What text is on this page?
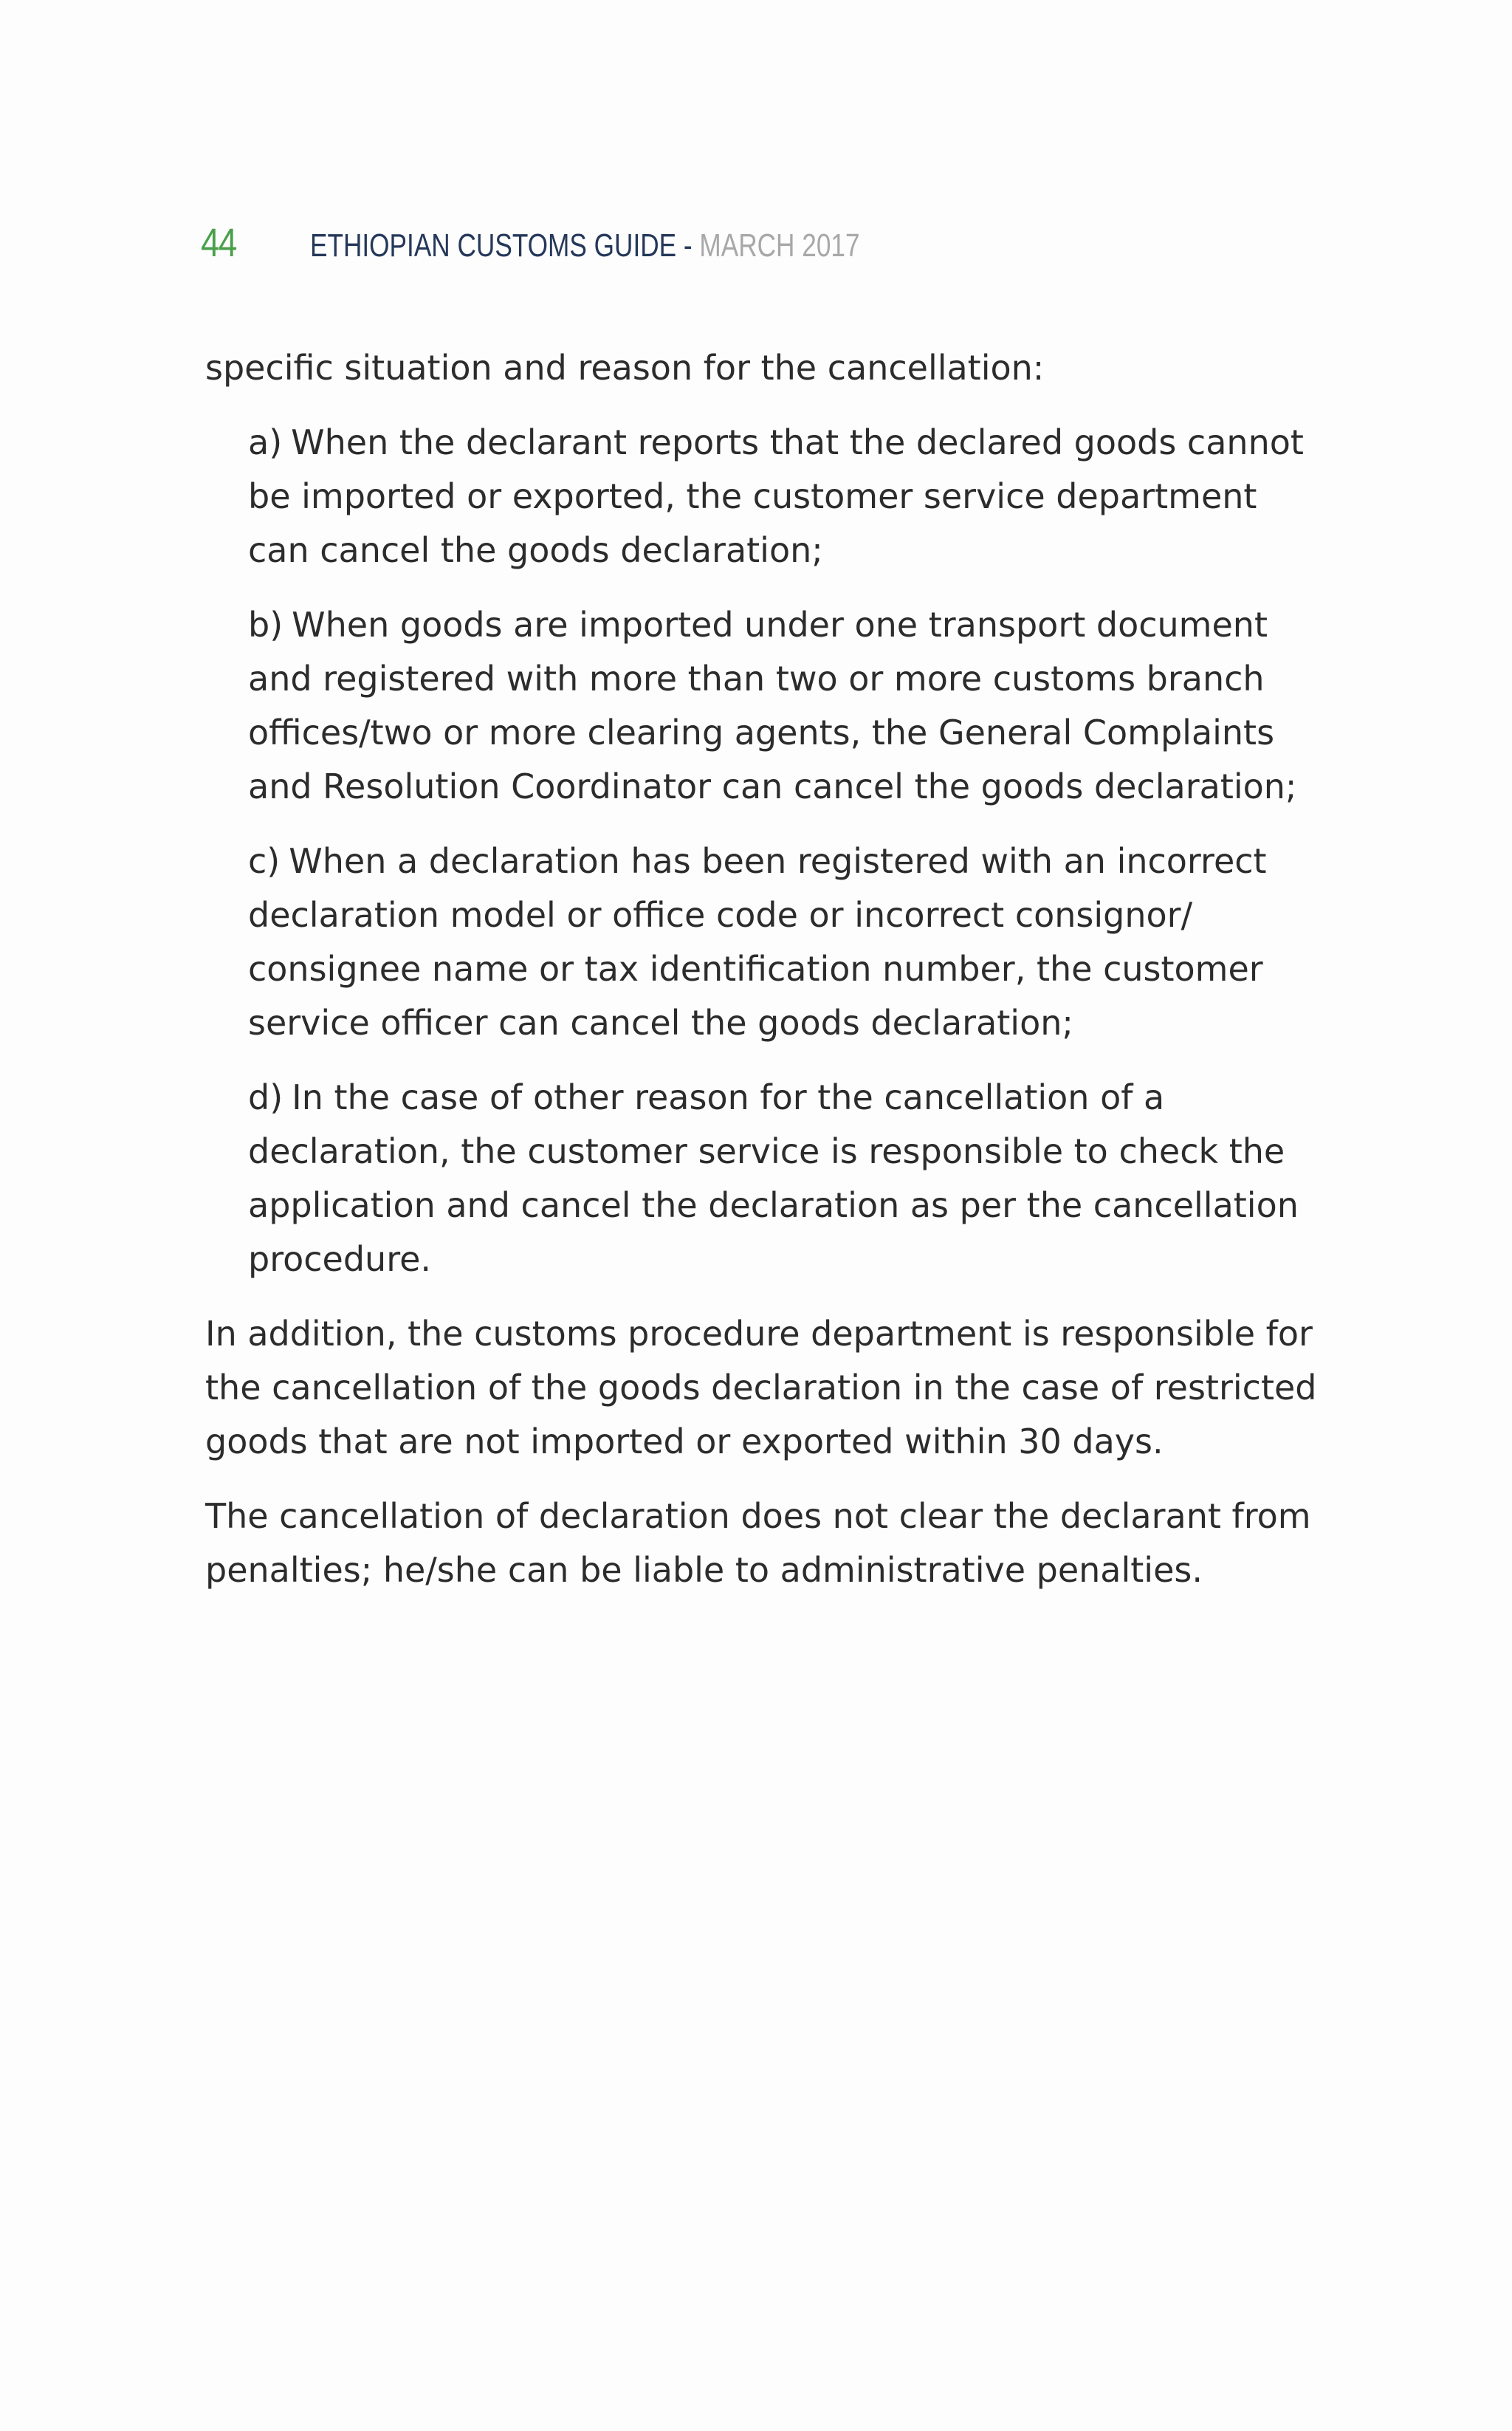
44 ETHIOPIAN CUSTOMS GUIDE - MARCH 2017

specific situation and reason for the cancellation:

a) When the declarant reports that the declared goods cannot be imported or exported, the customer service department can cancel the goods declaration;
b) When goods are imported under one transport document and registered with more than two or more customs branch offices/two or more clearing agents, the General Complaints and Resolution Coordinator can cancel the goods declaration;
c) When a declaration has been registered with an incorrect declaration model or office code or incorrect consignor/ consignee name or tax identification number, the customer service officer can cancel the goods declaration;
d) In the case of other reason for the cancellation of a declaration, the customer service is responsible to check the application and cancel the declaration as per the cancellation procedure.

In addition, the customs procedure department is responsible for the cancellation of the goods declaration in the case of restricted goods that are not imported or exported within 30 days.

The cancellation of declaration does not clear the declarant from penalties; he/she can be liable to administrative penalties.
